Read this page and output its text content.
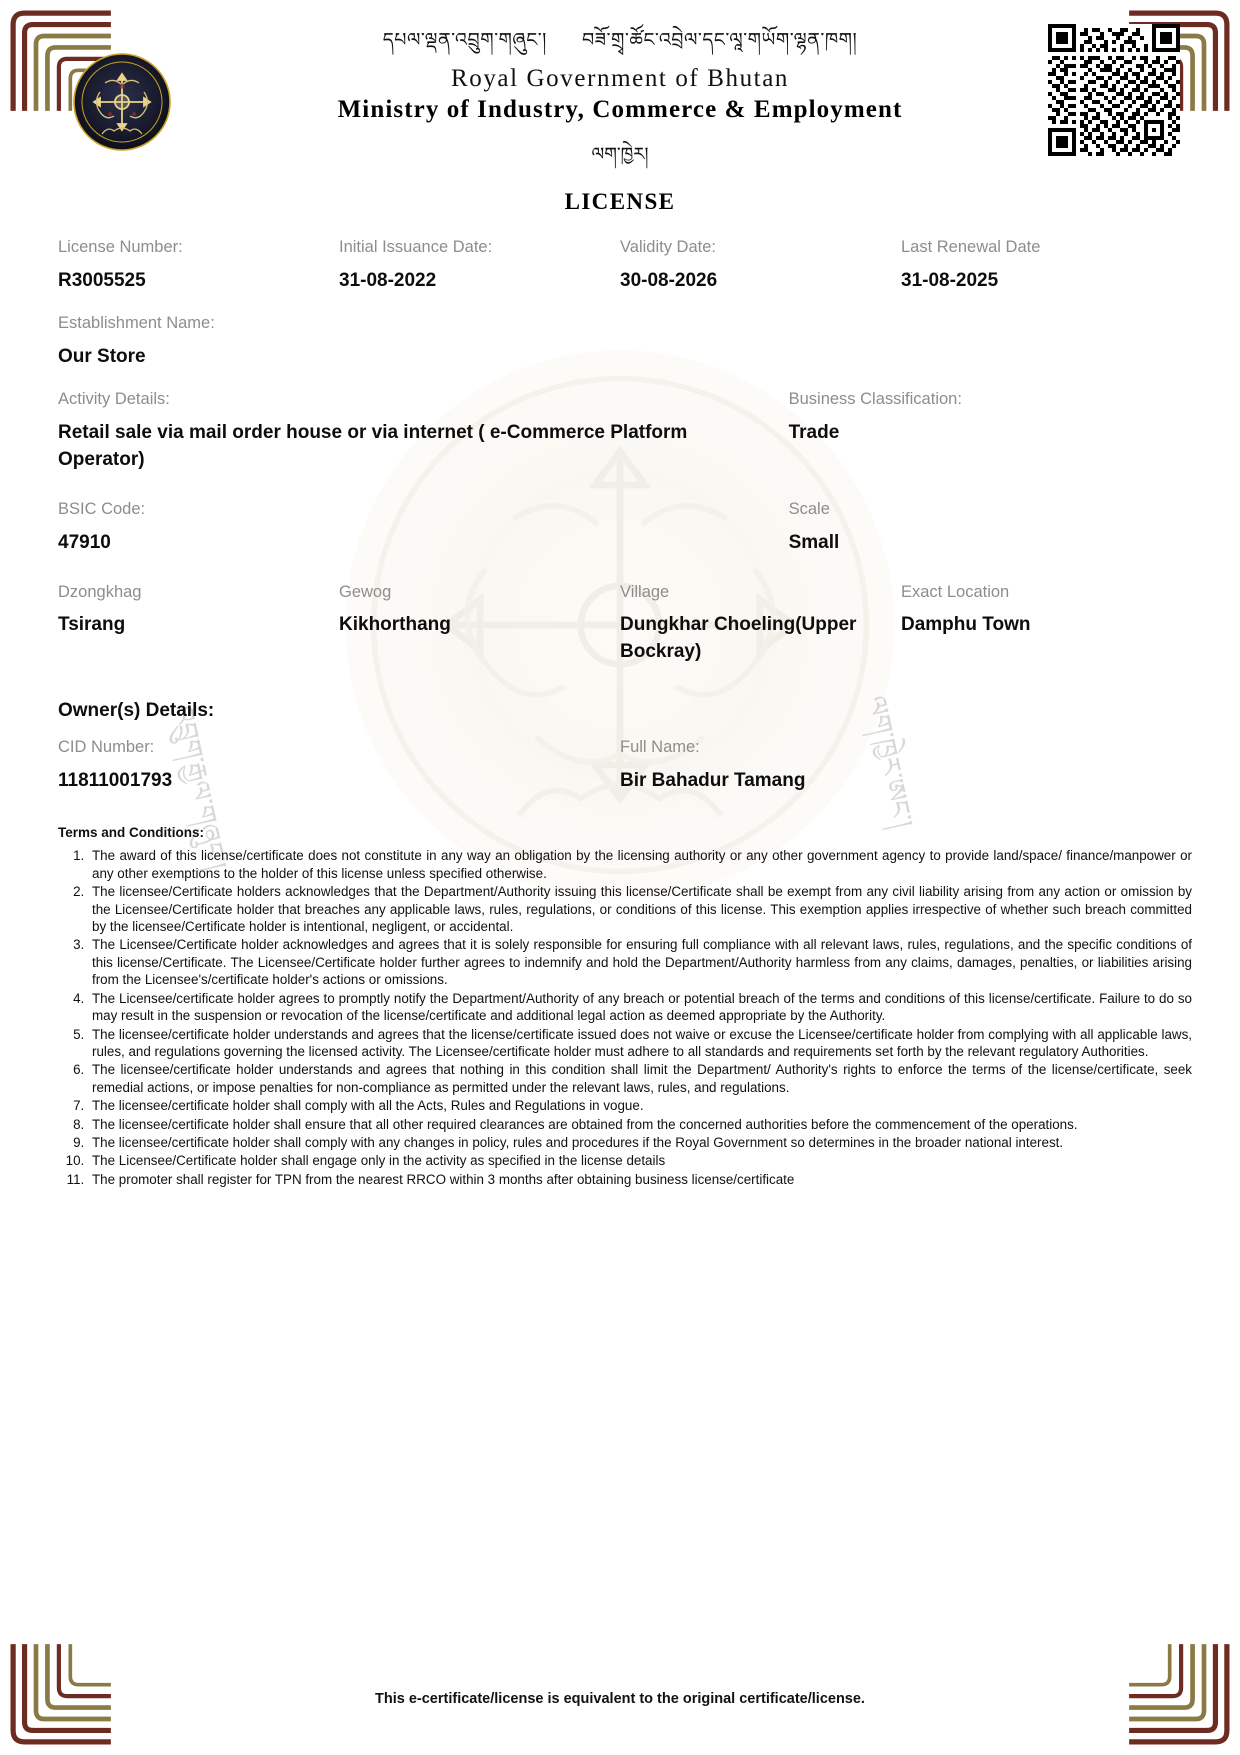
འབྲུག་རྒྱལ་གཞུང་།	ལག་ཁྱེར་ཨང་།
དཔལ་ལྡན་འབྲུག་གཞུང་། བཟོ་གྲྭ་ཚོང་འབྲེལ་དང་ལཱ་གཡོག་ལྷན་ཁག།
Royal Government of Bhutan
Ministry of Industry, Commerce & Employment
ལག་ཁྱེར།
LICENSE
License Number:
R3005525
Initial Issuance Date:
31-08-2022
Validity Date:
30-08-2026
Last Renewal Date
31-08-2025
Establishment Name:
Our Store
Activity Details:
Retail sale via mail order house or via internet ( e-Commerce Platform Operator)
Business Classification:
Trade
BSIC Code:
47910
Scale
Small
Dzongkhag
Tsirang
Gewog
Kikhorthang
Village
Dungkhar Choeling(Upper Bockray)
Exact Location
Damphu Town
Owner(s) Details:
CID Number:
11811001793
Full Name:
Bir Bahadur Tamang
Terms and Conditions:
1. The award of this license/certificate does not constitute in any way an obligation by the licensing authority or any other government agency to provide land/space/ finance/manpower or any other exemptions to the holder of this license unless specified otherwise.
2. The licensee/Certificate holders acknowledges that the Department/Authority issuing this license/Certificate shall be exempt from any civil liability arising from any action or omission by the Licensee/Certificate holder that breaches any applicable laws, rules, regulations, or conditions of this license. This exemption applies irrespective of whether such breach committed by the licensee/Certificate holder is intentional, negligent, or accidental.
3. The Licensee/Certificate holder acknowledges and agrees that it is solely responsible for ensuring full compliance with all relevant laws, rules, regulations, and the specific conditions of this license/Certificate. The Licensee/Certificate holder further agrees to indemnify and hold the Department/Authority harmless from any claims, damages, penalties, or liabilities arising from the Licensee's/certificate holder's actions or omissions.
4. The Licensee/certificate holder agrees to promptly notify the Department/Authority of any breach or potential breach of the terms and conditions of this license/certificate. Failure to do so may result in the suspension or revocation of the license/certificate and additional legal action as deemed appropriate by the Authority.
5. The licensee/certificate holder understands and agrees that the license/certificate issued does not waive or excuse the Licensee/certificate holder from complying with all applicable laws, rules, and regulations governing the licensed activity. The Licensee/certificate holder must adhere to all standards and requirements set forth by the relevant regulatory Authorities.
6. The licensee/certificate holder understands and agrees that nothing in this condition shall limit the Department/ Authority's rights to enforce the terms of the license/certificate, seek remedial actions, or impose penalties for non-compliance as permitted under the relevant laws, rules, and regulations.
7. The licensee/certificate holder shall comply with all the Acts, Rules and Regulations in vogue.
8. The licensee/certificate holder shall ensure that all other required clearances are obtained from the concerned authorities before the commencement of the operations.
9. The licensee/certificate holder shall comply with any changes in policy, rules and procedures if the Royal Government so determines in the broader national interest.
10. The Licensee/Certificate holder shall engage only in the activity as specified in the license details
11. The promoter shall register for TPN from the nearest RRCO within 3 months after obtaining business license/certificate
This e-certificate/license is equivalent to the original certificate/license.
